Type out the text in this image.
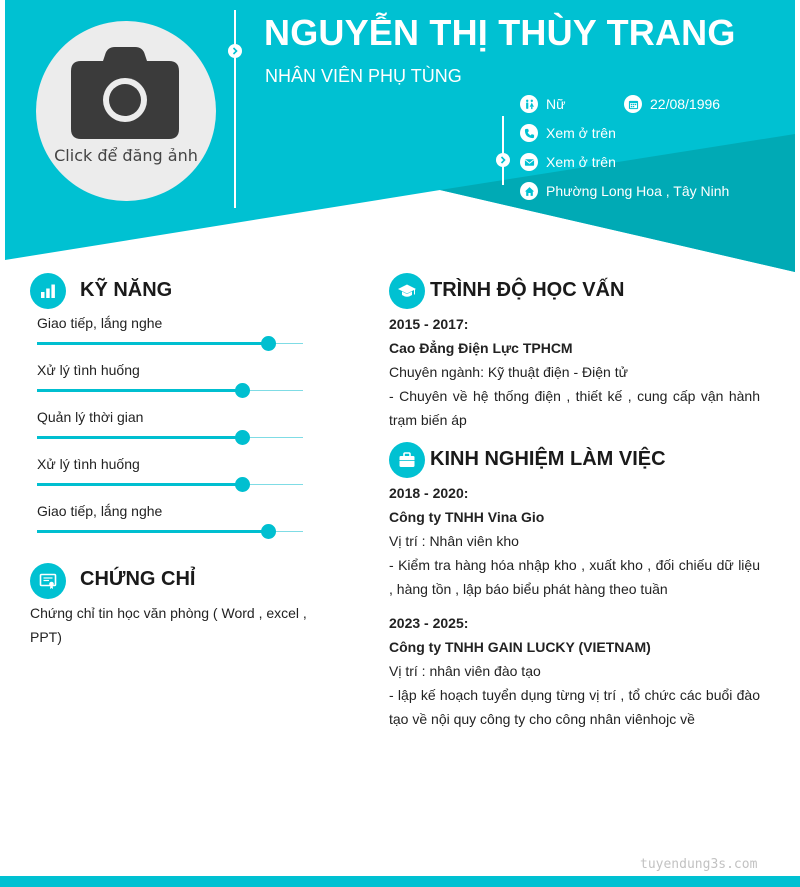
Click để đăng ảnh
NGUYỄN THỊ THÙY TRANG
NHÂN VIÊN PHỤ TÙNG
Nữ	22/08/1996
Xem ở trên
Xem ở trên
Phường Long Hoa , Tây Ninh
KỸ NĂNG
Giao tiếp, lắng nghe
Xử lý tình huống
Quản lý thời gian
Xử lý tình huống
Giao tiếp, lắng nghe
CHỨNG CHỈ
Chứng chỉ tin học văn phòng ( Word , excel , PPT)
TRÌNH ĐỘ HỌC VẤN
2015 - 2017:
Cao Đẳng Điện Lực TPHCM
Chuyên ngành: Kỹ thuật điện - Điện tử
- Chuyên về hệ thống điện , thiết kế , cung cấp vận hành trạm biến áp
KINH NGHIỆM LÀM VIỆC
2018 - 2020:
Công ty TNHH Vina Gio
Vị trí : Nhân viên kho
- Kiểm tra hàng hóa nhập kho , xuất kho , đối chiếu dữ liệu , hàng tồn , lập báo biểu phát hàng theo tuần
2023 - 2025:
Công ty TNHH GAIN LUCKY (VIETNAM)
Vị trí : nhân viên đào tạo
- lập kế hoạch tuyển dụng từng vị trí , tổ chức các buổi đào tạo về nội quy công ty cho công nhân viênhojc về
tuyendung3s.com
